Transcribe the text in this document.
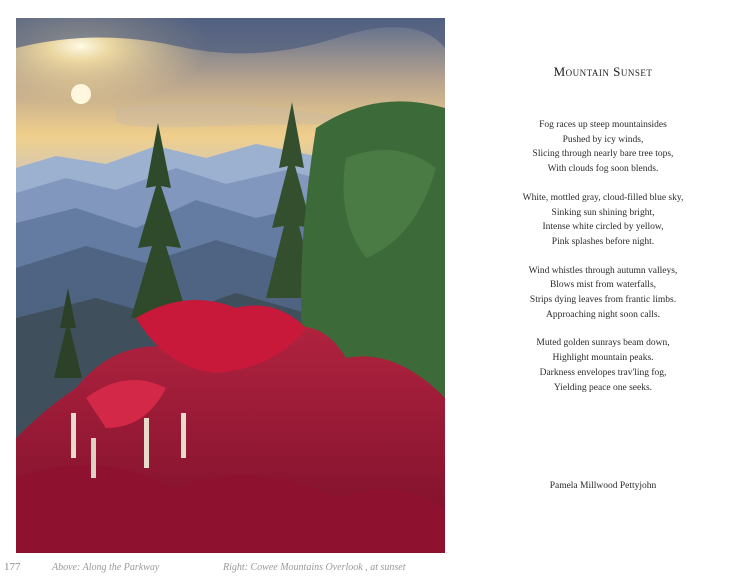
177	Above: Along the Parkway	Right: Cowee Mountains Overlook , at sunset
Mountain Sunset
Fog races up steep mountainsides
Pushed by icy winds,
Slicing through nearly bare tree tops,
With clouds fog soon blends.
White, mottled gray, cloud-filled blue sky,
Sinking sun shining bright,
Intense white circled by yellow,
Pink splashes before night.
Wind whistles through autumn valleys,
Blows mist from waterfalls,
Strips dying leaves from frantic limbs.
Approaching night soon calls.
Muted golden sunrays beam down,
Highlight mountain peaks.
Darkness envelopes trav'ling fog,
Yielding peace one seeks.
Pamela Millwood Pettyjohn
